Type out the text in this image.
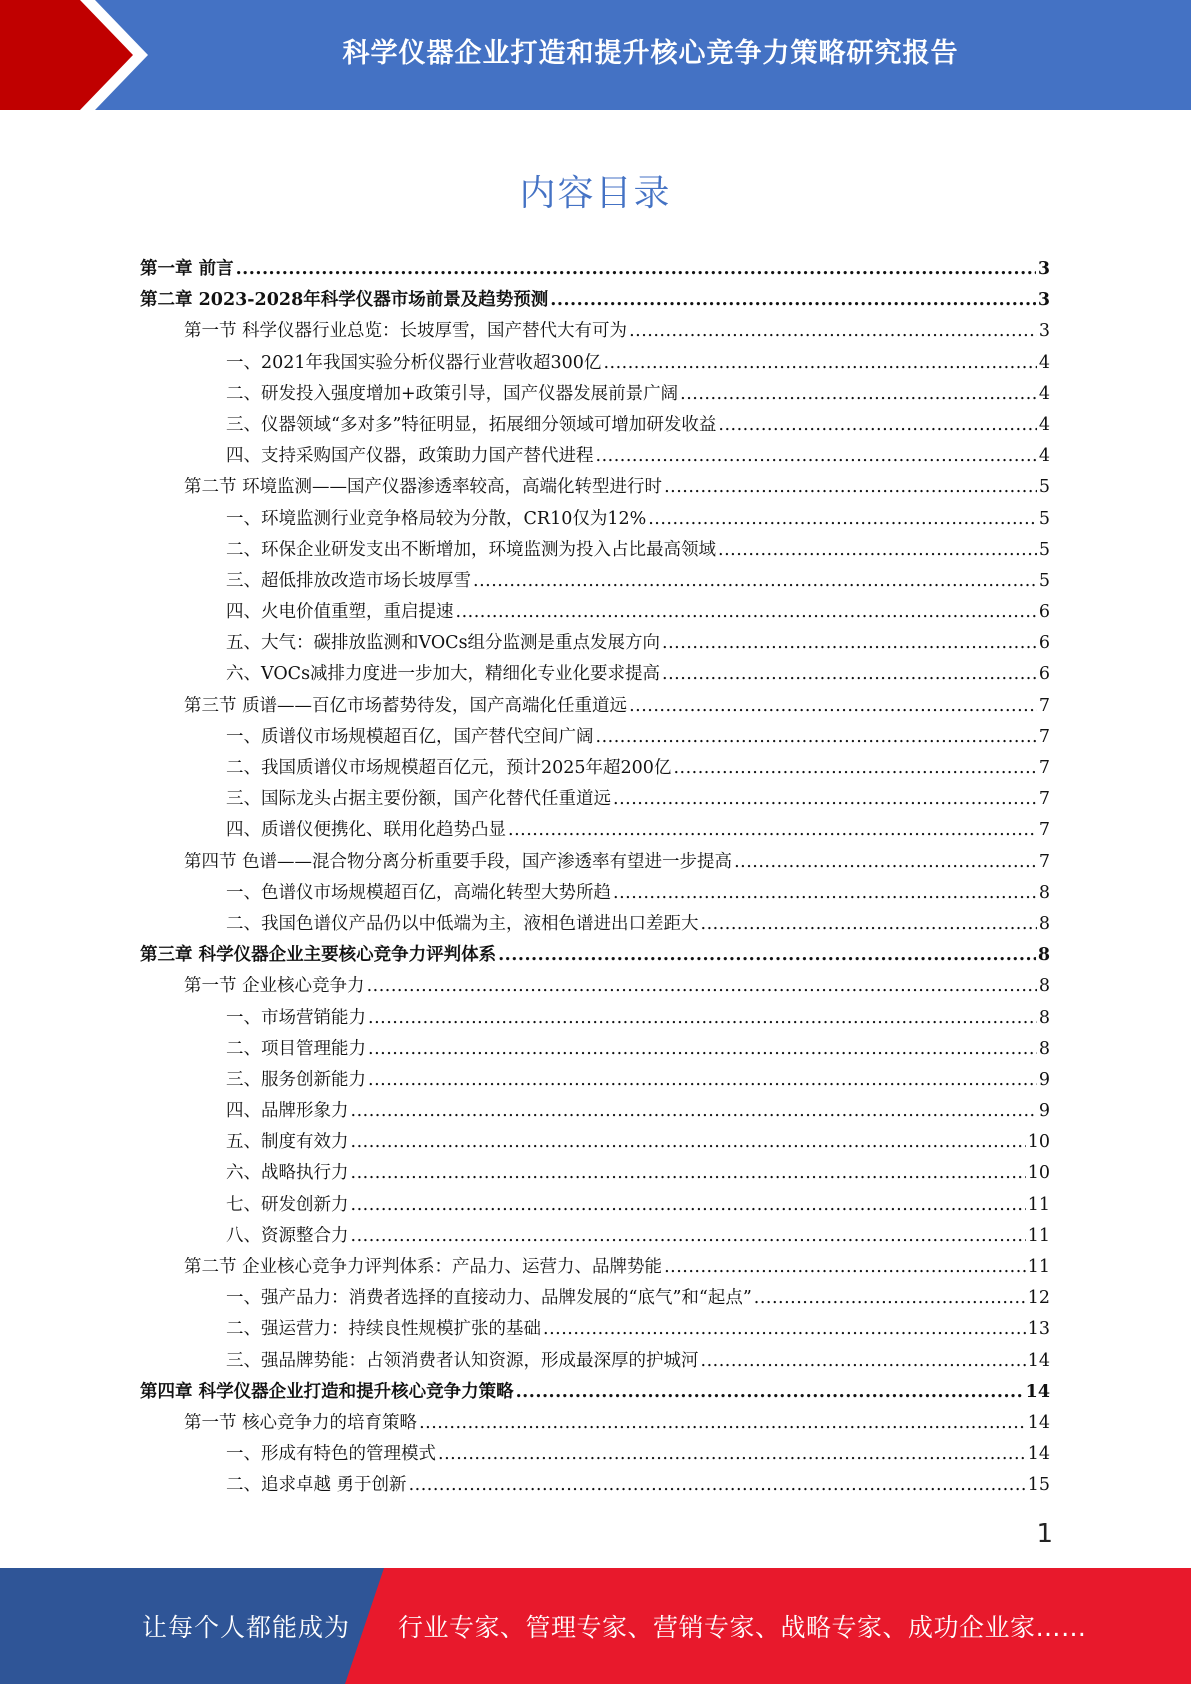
科学仪器企业打造和提升核心竞争力策略研究报告
内容目录
第一章 前言 .....	3
第二章 2023-2028年科学仪器市场前景及趋势预测 .....	3
第一节 科学仪器行业总览：长坡厚雪，国产替代大有可为 .....	3
一、2021年我国实验分析仪器行业营收超300亿 .....	4
二、研发投入强度增加+政策引导，国产仪器发展前景广阔 .....	4
三、仪器领域“多对多”特征明显，拓展细分领域可增加研发收益 .....	4
四、支持采购国产仪器，政策助力国产替代进程 .....	4
第二节 环境监测——国产仪器渗透率较高，高端化转型进行时 .....	5
一、环境监测行业竞争格局较为分散，CR10仅为12% .....	5
二、环保企业研发支出不断增加，环境监测为投入占比最高领域 .....	5
三、超低排放改造市场长坡厚雪 .....	5
四、火电价值重塑，重启提速 .....	6
五、大气：碳排放监测和VOCs组分监测是重点发展方向 .....	6
六、VOCs减排力度进一步加大，精细化专业化要求提高 .....	6
第三节 质谱——百亿市场蓄势待发，国产高端化任重道远 .....	7
一、质谱仪市场规模超百亿，国产替代空间广阔 .....	7
二、我国质谱仪市场规模超百亿元，预计2025年超200亿 .....	7
三、国际龙头占据主要份额，国产化替代任重道远 .....	7
四、质谱仪便携化、联用化趋势凸显 .....	7
第四节 色谱——混合物分离分析重要手段，国产渗透率有望进一步提高 .....	7
一、色谱仪市场规模超百亿，高端化转型大势所趋 .....	8
二、我国色谱仪产品仍以中低端为主，液相色谱进出口差距大 .....	8
第三章 科学仪器企业主要核心竞争力评判体系 .....	8
第一节 企业核心竞争力 .....	8
一、市场营销能力 .....	8
二、项目管理能力 .....	8
三、服务创新能力 .....	9
四、品牌形象力 .....	9
五、制度有效力 .....	10
六、战略执行力 .....	10
七、研发创新力 .....	11
八、资源整合力 .....	11
第二节 企业核心竞争力评判体系：产品力、运营力、品牌势能 .....	11
一、强产品力：消费者选择的直接动力、品牌发展的“底气”和“起点” .....	12
二、强运营力：持续良性规模扩张的基础 .....	13
三、强品牌势能：占领消费者认知资源，形成最深厚的护城河 .....	14
第四章 科学仪器企业打造和提升核心竞争力策略 .....	14
第一节 核心竞争力的培育策略 .....	14
一、形成有特色的管理模式 .....	14
二、追求卓越 勇于创新 .....	15
1
让每个人都能成为 行业专家、管理专家、营销专家、战略专家、成功企业家……
